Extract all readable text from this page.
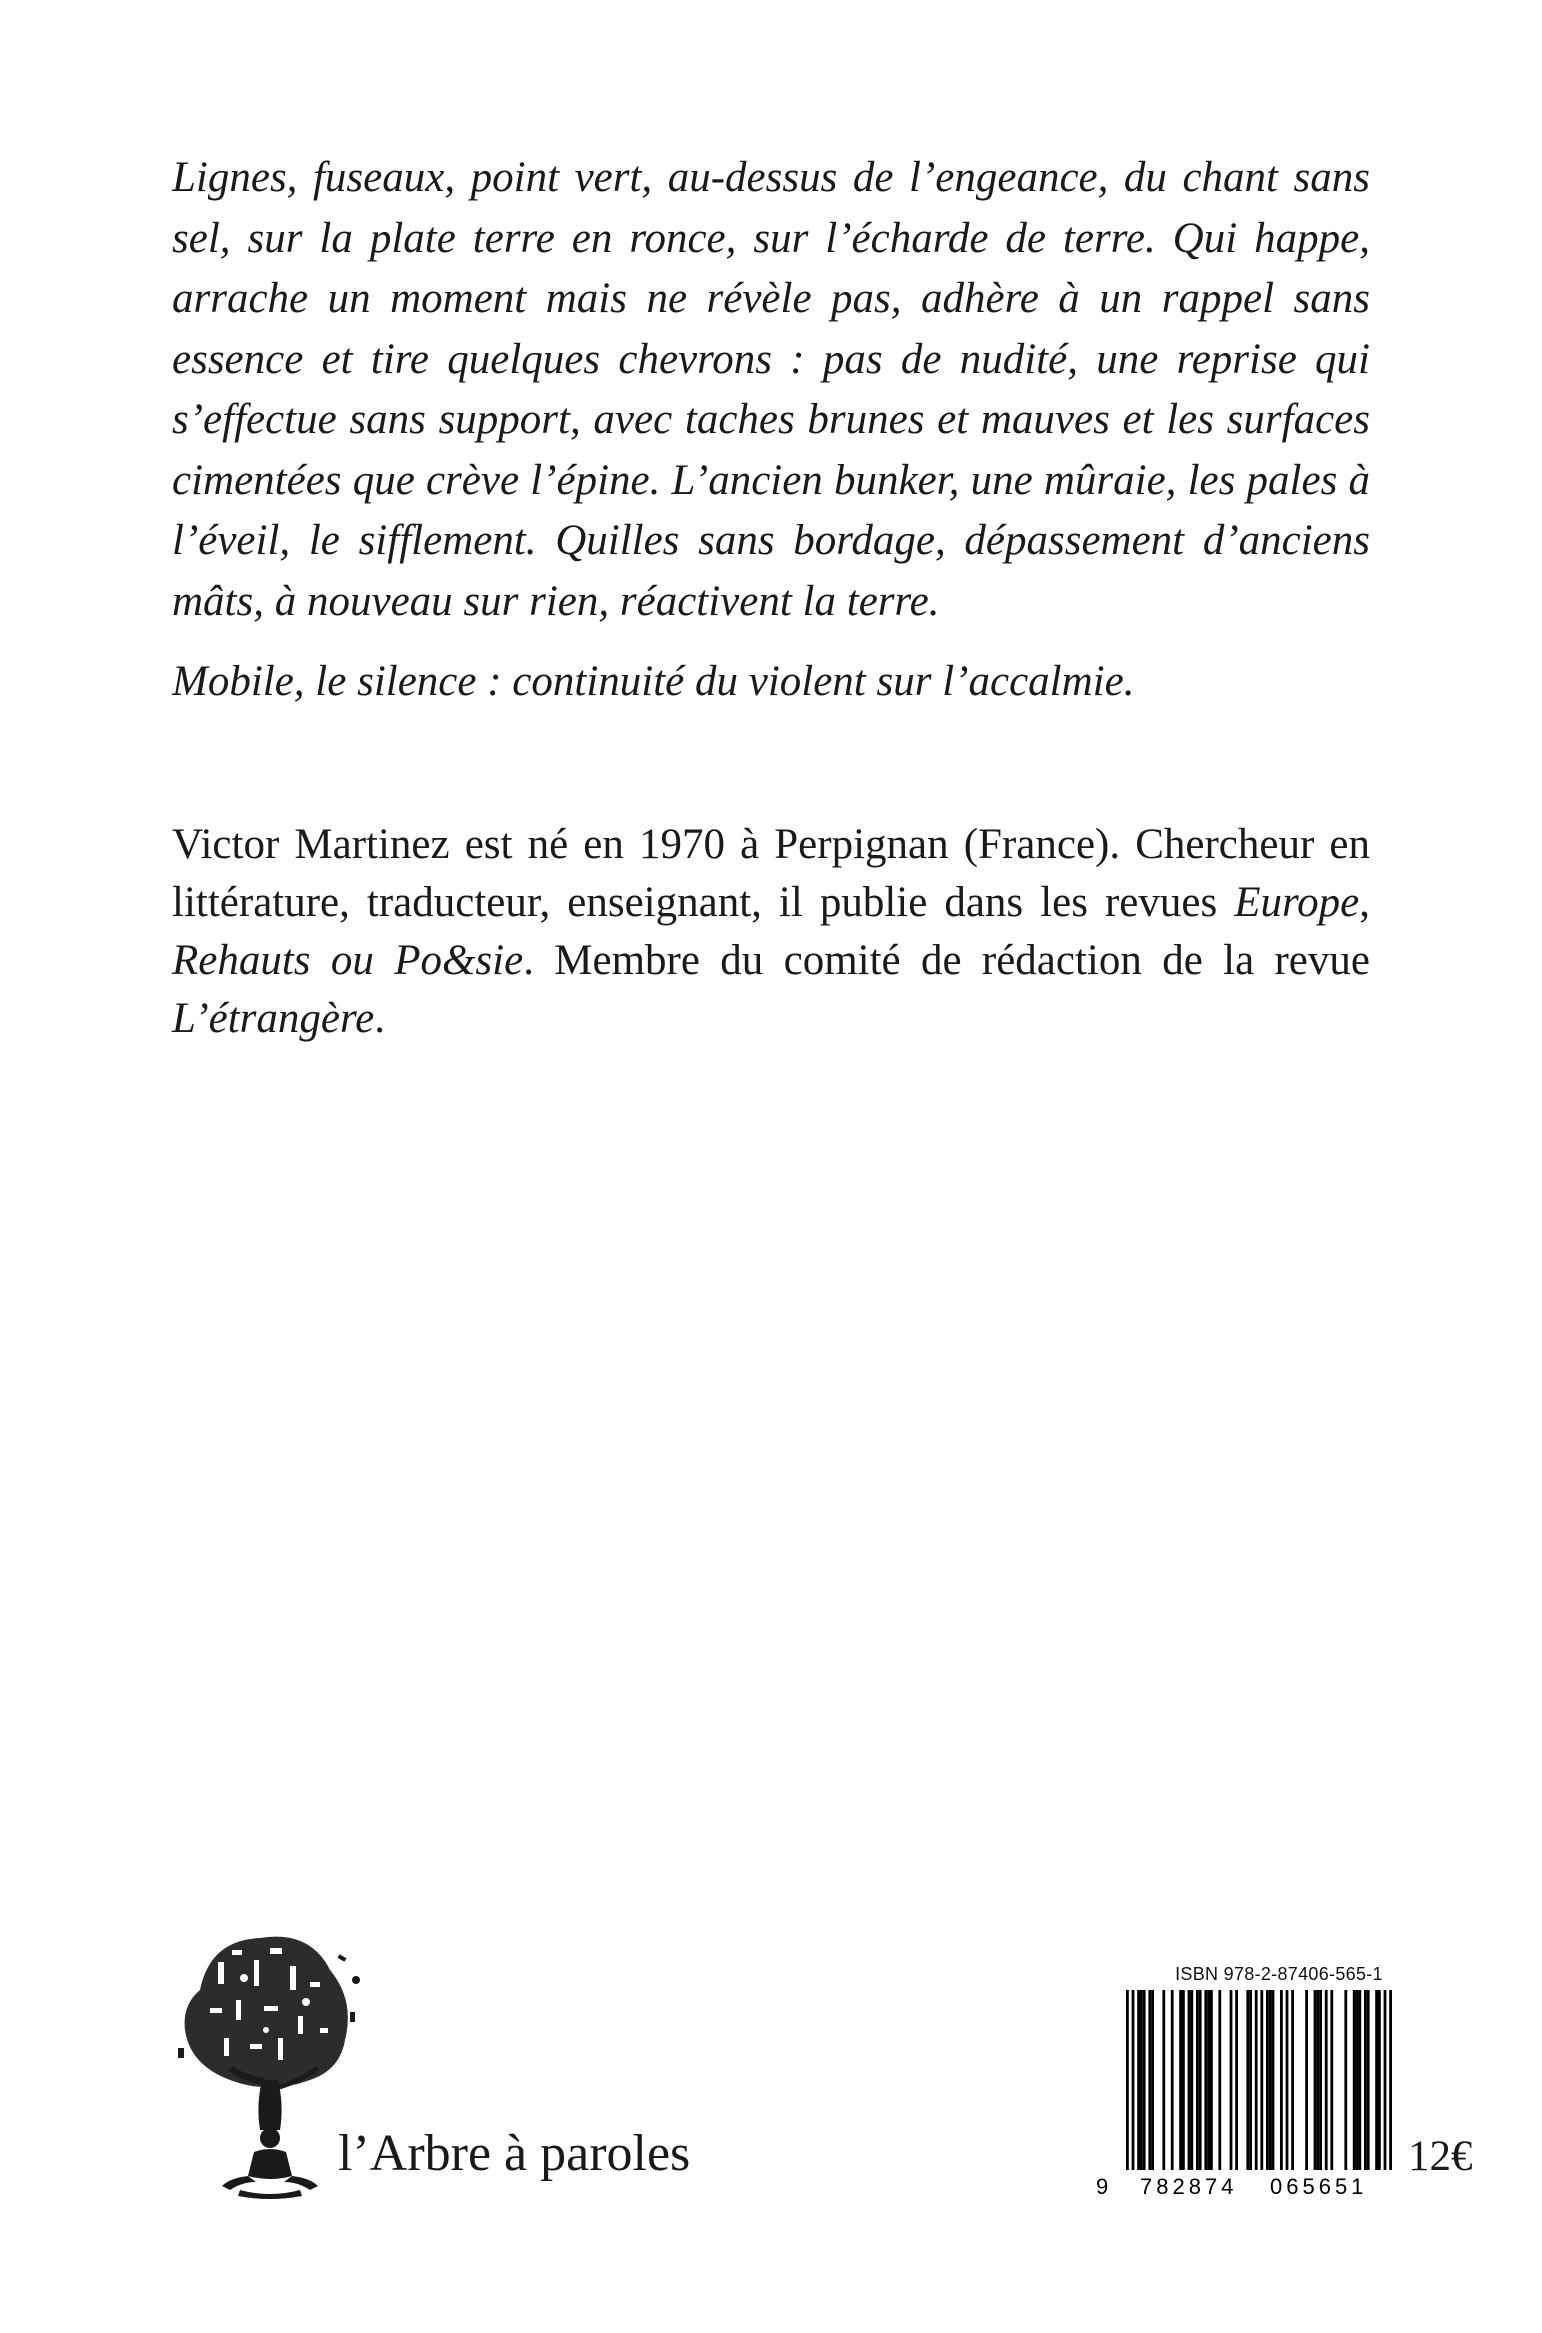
Lignes, fuseaux, point vert, au-dessus de l’engeance, du chant sans sel, sur la plate terre en ronce, sur l’écharde de terre. Qui happe, arrache un moment mais ne révèle pas, adhère à un rappel sans essence et tire quelques chevrons : pas de nudité, une reprise qui s’effectue sans support, avec taches brunes et mauves et les surfaces cimentées que crève l’épine. L’ancien bunker, une mûraie, les pales à l’éveil, le sifflement. Quilles sans bordage, dépassement d’anciens mâts, à nouveau sur rien, réactivent la terre.

Mobile, le silence : continuité du violent sur l’accalmie.

Victor Martinez est né en 1970 à Perpignan (France). Chercheur en littérature, traducteur, enseignant, il publie dans les revues Europe, Rehauts ou Po&sie. Membre du comité de rédaction de la revue L’étrangère.

l’Arbre à paroles
ISBN 978-2-87406-565-1
9 782874 065651
12€
